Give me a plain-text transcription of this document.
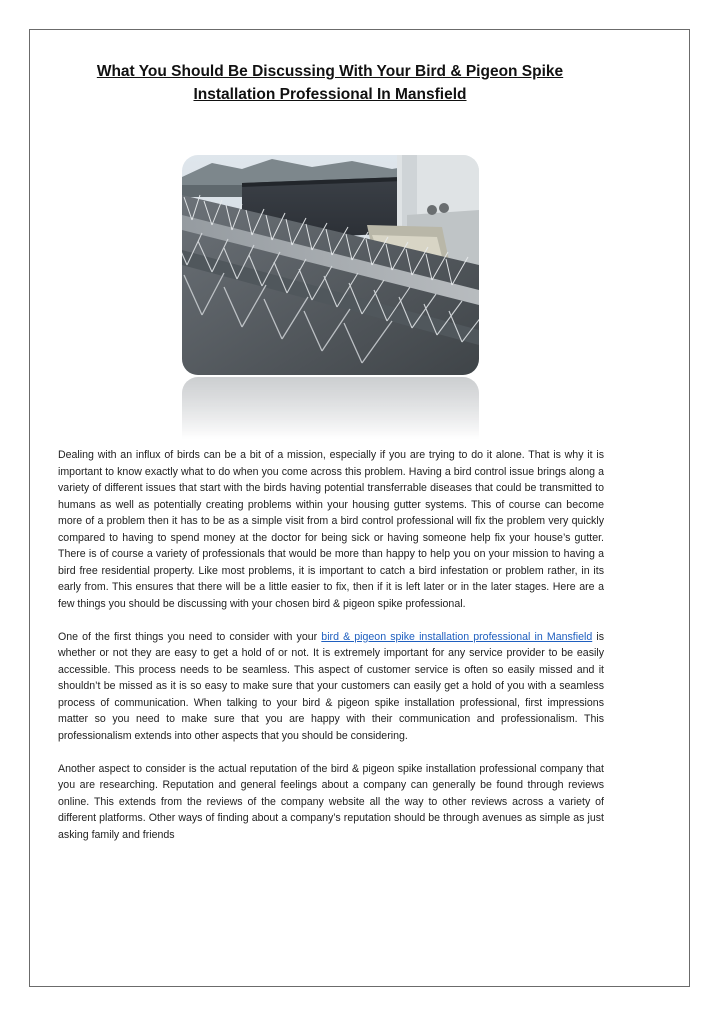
What You Should Be Discussing With Your Bird & Pigeon Spike Installation Professional In Mansfield

Dealing with an influx of birds can be a bit of a mission, especially if you are trying to do it alone. That is why it is important to know exactly what to do when you come across this problem. Having a bird control issue brings along a variety of different issues that start with the birds having potential transferrable diseases that could be transmitted to humans as well as potentially creating problems within your housing gutter systems. This of course can become more of a problem then it has to be as a simple visit from a bird control professional will fix the problem very quickly compared to having to spend money at the doctor for being sick or having someone help fix your house’s gutter. There is of course a variety of professionals that would be more than happy to help you on your mission to having a bird free residential property. Like most problems, it is important to catch a bird infestation or problem rather, in its early from. This ensures that there will be a little easier to fix, then if it is left later or in the later stages. Here are a few things you should be discussing with your chosen bird & pigeon spike professional.

One of the first things you need to consider with your bird & pigeon spike installation professional in Mansfield is whether or not they are easy to get a hold of or not. It is extremely important for any service provider to be easily accessible. This process needs to be seamless. This aspect of customer service is often so easily missed and it shouldn’t be missed as it is so easy to make sure that your customers can easily get a hold of you with a seamless process of communication. When talking to your bird & pigeon spike installation professional, first impressions matter so you need to make sure that you are happy with their communication and professionalism. This professionalism extends into other aspects that you should be considering.

Another aspect to consider is the actual reputation of the bird & pigeon spike installation professional company that you are researching. Reputation and general feelings about a company can generally be found through reviews online. This extends from the reviews of the company website all the way to other reviews across a variety of different platforms. Other ways of finding about a company’s reputation should be through avenues as simple as just asking family and friends
